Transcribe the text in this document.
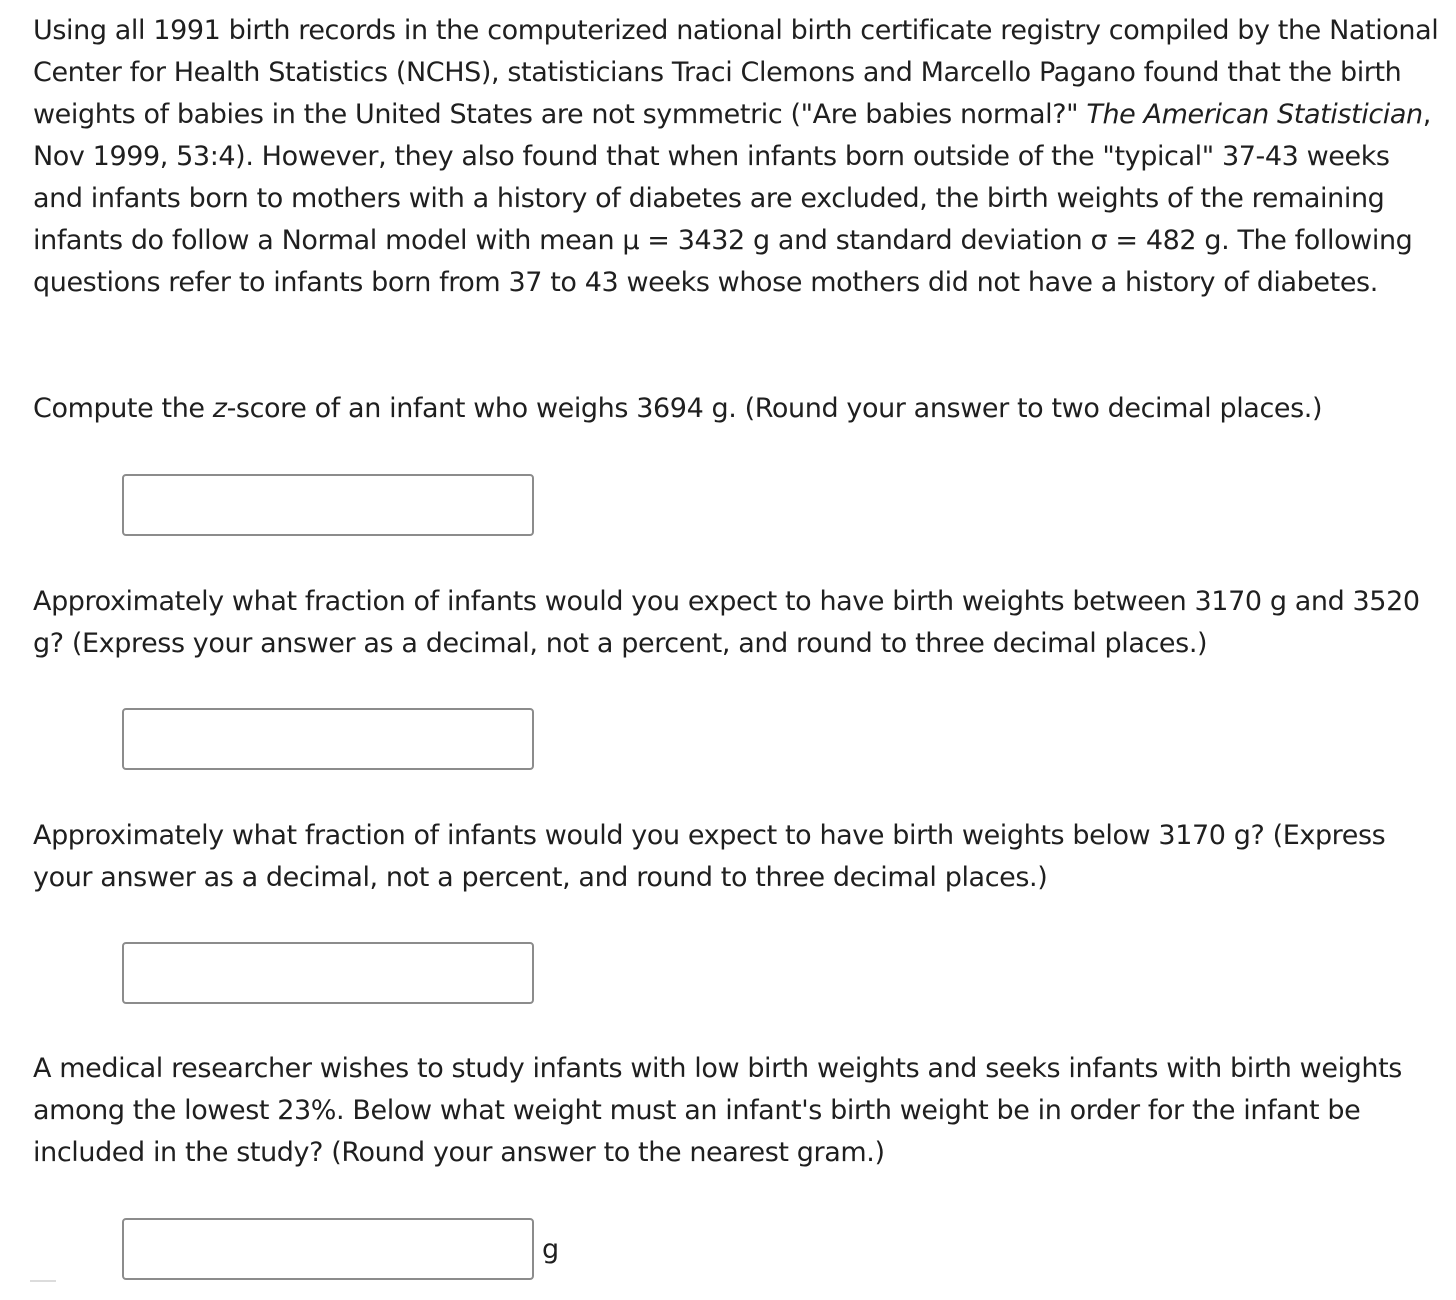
Using all 1991 birth records in the computerized national birth certificate registry compiled by the National Center for Health Statistics (NCHS), statisticians Traci Clemons and Marcello Pagano found that the birth weights of babies in the United States are not symmetric ("Are babies normal?" The American Statistician, Nov 1999, 53:4). However, they also found that when infants born outside of the "typical" 37-43 weeks and infants born to mothers with a history of diabetes are excluded, the birth weights of the remaining infants do follow a Normal model with mean μ = 3432 g and standard deviation σ = 482 g. The following questions refer to infants born from 37 to 43 weeks whose mothers did not have a history of diabetes.

Compute the z-score of an infant who weighs 3694 g. (Round your answer to two decimal places.)

Approximately what fraction of infants would you expect to have birth weights between 3170 g and 3520 g? (Express your answer as a decimal, not a percent, and round to three decimal places.)

Approximately what fraction of infants would you expect to have birth weights below 3170 g? (Express your answer as a decimal, not a percent, and round to three decimal places.)

A medical researcher wishes to study infants with low birth weights and seeks infants with birth weights among the lowest 23%. Below what weight must an infant's birth weight be in order for the infant be included in the study? (Round your answer to the nearest gram.)

g
